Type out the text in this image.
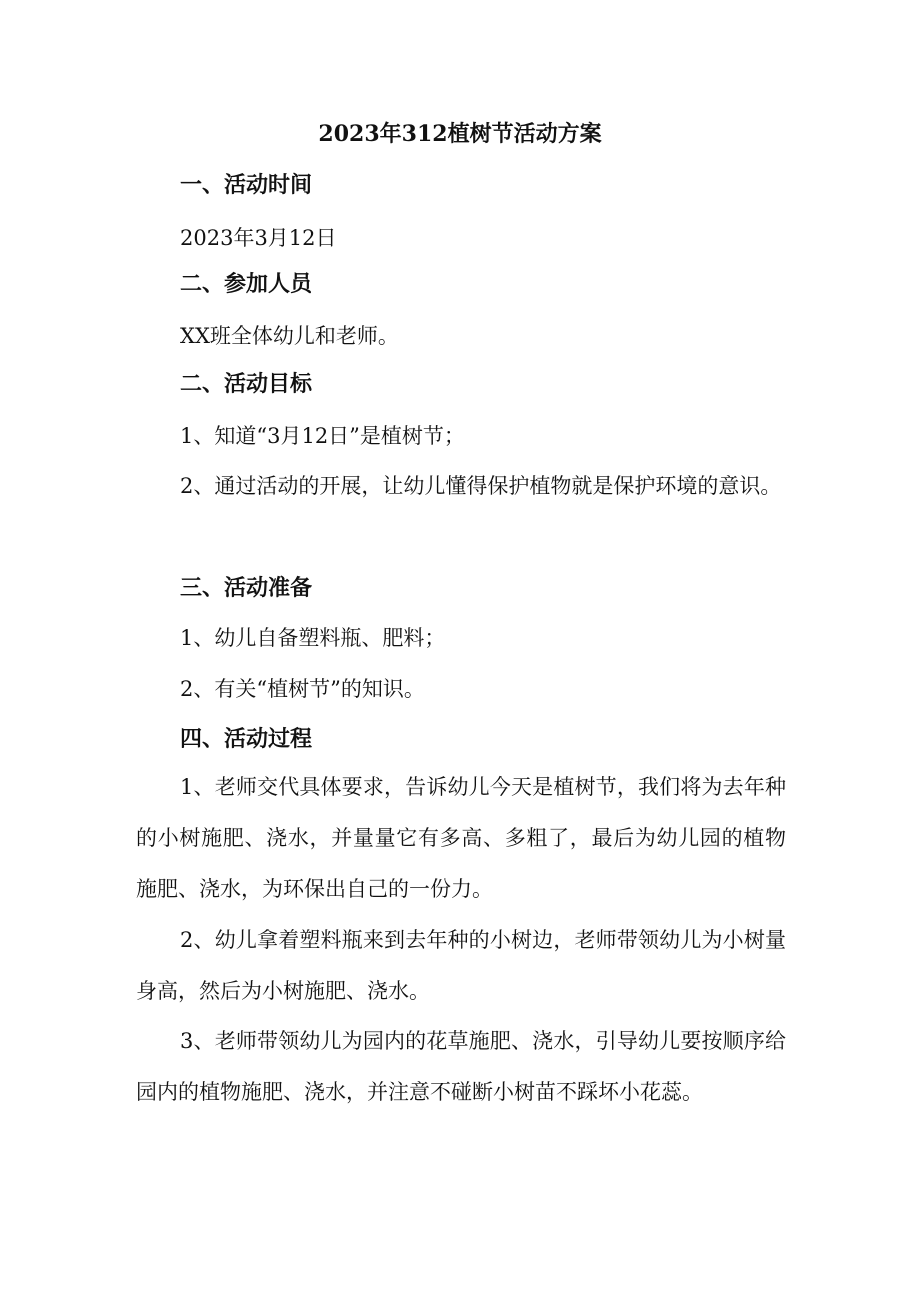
2023年312植树节活动方案
一、活动时间
2023年3月12日
二、参加人员
XX班全体幼儿和老师。
二、活动目标
1、知道“3月12日”是植树节；

2、通过活动的开展，让幼儿懂得保护植物就是保护环境的意识。

三、活动准备
1、幼儿自备塑料瓶、肥料；
2、有关“植树节”的知识。
四、活动过程

1、老师交代具体要求，告诉幼儿今天是植树节，我们将为去年种的小树施肥、浇水，并量量它有多高、多粗了，最后为幼儿园的植物施肥、浇水，为环保出自己的一份力。

2、幼儿拿着塑料瓶来到去年种的小树边，老师带领幼儿为小树量身高，然后为小树施肥、浇水。

3、老师带领幼儿为园内的花草施肥、浇水，引导幼儿要按顺序给园内的植物施肥、浇水，并注意不碰断小树苗不踩坏小花蕊。
